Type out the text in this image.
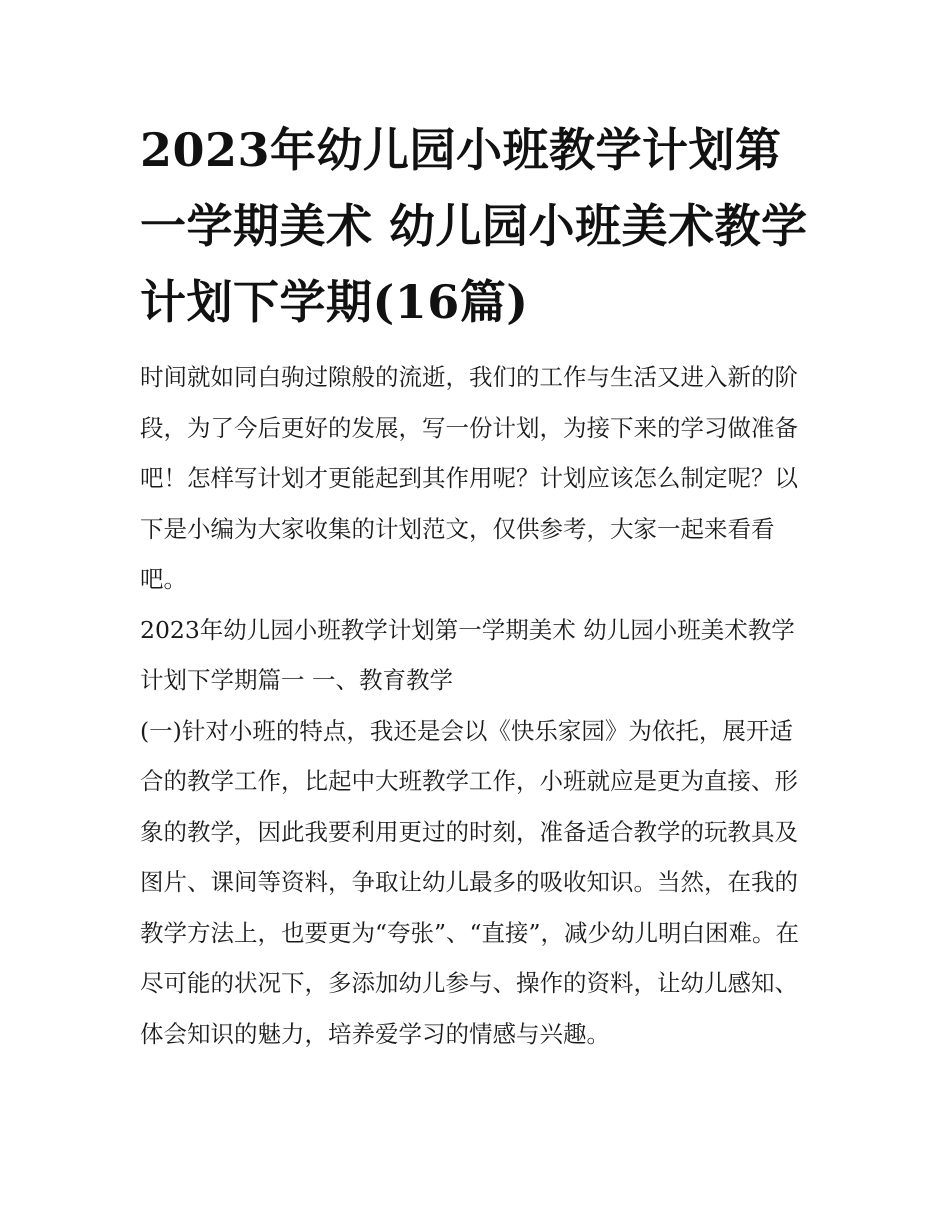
2023年幼儿园小班教学计划第一学期美术 幼儿园小班美术教学计划下学期(16篇)

时间就如同白驹过隙般的流逝，我们的工作与生活又进入新的阶段，为了今后更好的发展，写一份计划，为接下来的学习做准备吧！怎样写计划才更能起到其作用呢？计划应该怎么制定呢？以下是小编为大家收集的计划范文，仅供参考，大家一起来看看吧。

2023年幼儿园小班教学计划第一学期美术 幼儿园小班美术教学计划下学期篇一 一、教育教学

(一)针对小班的特点，我还是会以《快乐家园》为依托，展开适合的教学工作，比起中大班教学工作，小班就应是更为直接、形象的教学，因此我要利用更过的时刻，准备适合教学的玩教具及图片、课间等资料，争取让幼儿最多的吸收知识。当然，在我的教学方法上，也要更为“夸张”、“直接”，减少幼儿明白困难。在尽可能的状况下，多添加幼儿参与、操作的资料，让幼儿感知、体会知识的魅力，培养爱学习的情感与兴趣。
